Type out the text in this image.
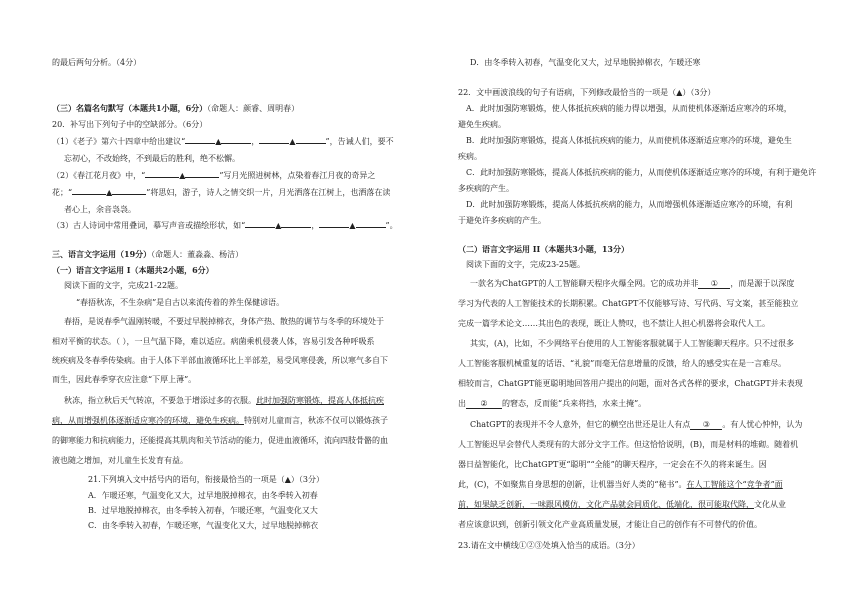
的最后两句分析。（4分）
（三）名篇名句默写（本题共1小题，6分）（命题人：颜睿、周明春）
20．补写出下列句子中的空缺部分。（6分）
（1）《老子》第六十四章中给出建议“	▲	，	▲	”，告诫人们，要不
忘初心，不改始终，不到最后的胜利，绝不松懈。
（2）《春江花月夜》中，“	▲	”写月光照进树林，点染着春江月夜的奇异之
花；“	▲	”将思妇，游子，诗人之情交织一片，月光洒落在江树上，也洒落在读
者心上，余音袅袅。
（3）古人诗词中常用叠词，摹写声音或描绘形状，如“	▲	，	▲	”。
三、语言文字运用（19分）（命题人：董淼淼、杨洁）
（一）语言文字运用 I（本题共2小题，6分）
阅读下面的文字，完成21-22题。
“春捂秋冻，不生杂病”是自古以来流传着的养生保健谚语。
春捂，是说春季气温刚转暖，不要过早脱掉棉衣，身体产热、散热的调节与冬季的环境处于
相对平衡的状态。（ ），一旦气温下降，难以适应。病菌乘机侵袭人体，容易引发各种呼吸系
统疾病及冬春季传染病。由于人体下半部血液循环比上半部差，易受风寒侵袭，所以寒气多自下
而生，因此春季穿衣应注意“下厚上薄”。
秋冻，指立秋后天气转凉，不要急于增添过多的衣服。此时加强防寒锻炼，提高人体抵抗疾
病，从而增强机体逐渐适应寒冷的环境，避免生疾病。特别对儿童而言，秋冻不仅可以锻炼孩子
的御寒能力和抗病能力，还能提高其肌肉和关节活动的能力，促进血液循环，流向四肢骨骼的血
液也随之增加，对儿童生长发育有益。
21.下列填入文中括号内的语句，衔接最恰当的一项是（▲）（3分）
A．乍暖还寒，气温变化又大，过早地脱掉棉衣，由冬季转入初春
B．过早地脱掉棉衣，由冬季转入初春，乍暖还寒，气温变化又大
C．由冬季转入初春，乍暖还寒，气温变化又大，过早地脱掉棉衣
D．由冬季转入初春，气温变化又大，过早地脱掉棉衣，乍暖还寒
22．文中画波浪线的句子有语病，下列修改最恰当的一项是（▲）（3分）
A．此时加强防寒锻炼，使人体抵抗疾病的能力得以增强，从而使机体逐渐适应寒冷的环境，
避免生疾病。
B．此时加强防寒锻炼，提高人体抵抗疾病的能力，从而使机体逐渐适应寒冷的环境，避免生
疾病。
C．此时加强防寒锻炼，提高人体抵抗疾病的能力，从而使机体逐渐适应寒冷的环境，有利于避免许
多疾病的产生。
D．此时加强防寒锻炼，提高人体抵抗疾病的能力，从而增强机体逐渐适应寒冷的环境，有利
于避免许多疾病的产生。
（二）语言文字运用 II（本题共3小题，13分）
阅读下面的文字，完成23-25题。
一款名为ChatGPT的人工智能聊天程序火爆全网。它的成功并非 ① ，而是源于以深度
学习为代表的人工智能技术的长期积累。ChatGPT不仅能够写诗、写代码、写文案，甚至能独立
完成一篇学术论文……其出色的表现，既让人赞叹，也不禁让人担心机器将会取代人工。
其实，(A)，比如，不少网络平台使用的人工智能客服就属于人工智能聊天程序。只不过很多
人工智能客服机械重复的话语、“礼貌”而毫无信息增量的反馈，给人的感受实在是一言难尽。
相较而言，ChatGPT能更聪明地回答用户提出的问题，面对各式各样的要求，ChatGPT并未表现
出 ② 的窘态，反而能“兵来将挡，水来土掩”。
ChatGPT的表现并不令人意外，但它的横空出世还是让人有点 ③ 。有人忧心忡忡，认为
人工智能迟早会替代人类现有的大部分文字工作。但这恰恰说明，(B)，而是材料的堆砌。随着机
器日益智能化，比ChatGPT更“聪明”“全能”的聊天程序，一定会在不久的将来诞生。因
此，(C)，不如聚焦自身思想的创新，让机器当好人类的“秘书”。在人工智能这个“竞争者”面
前，如果缺乏创新，一味跟风模仿，文化产品就会同质化、低端化，很可能取代降，文化从业
者应该意识到，创新引领文化产业高质量发展，才能让自己的创作有不可替代的价值。
23.请在文中横线①②③处填入恰当的成语。（3分）
